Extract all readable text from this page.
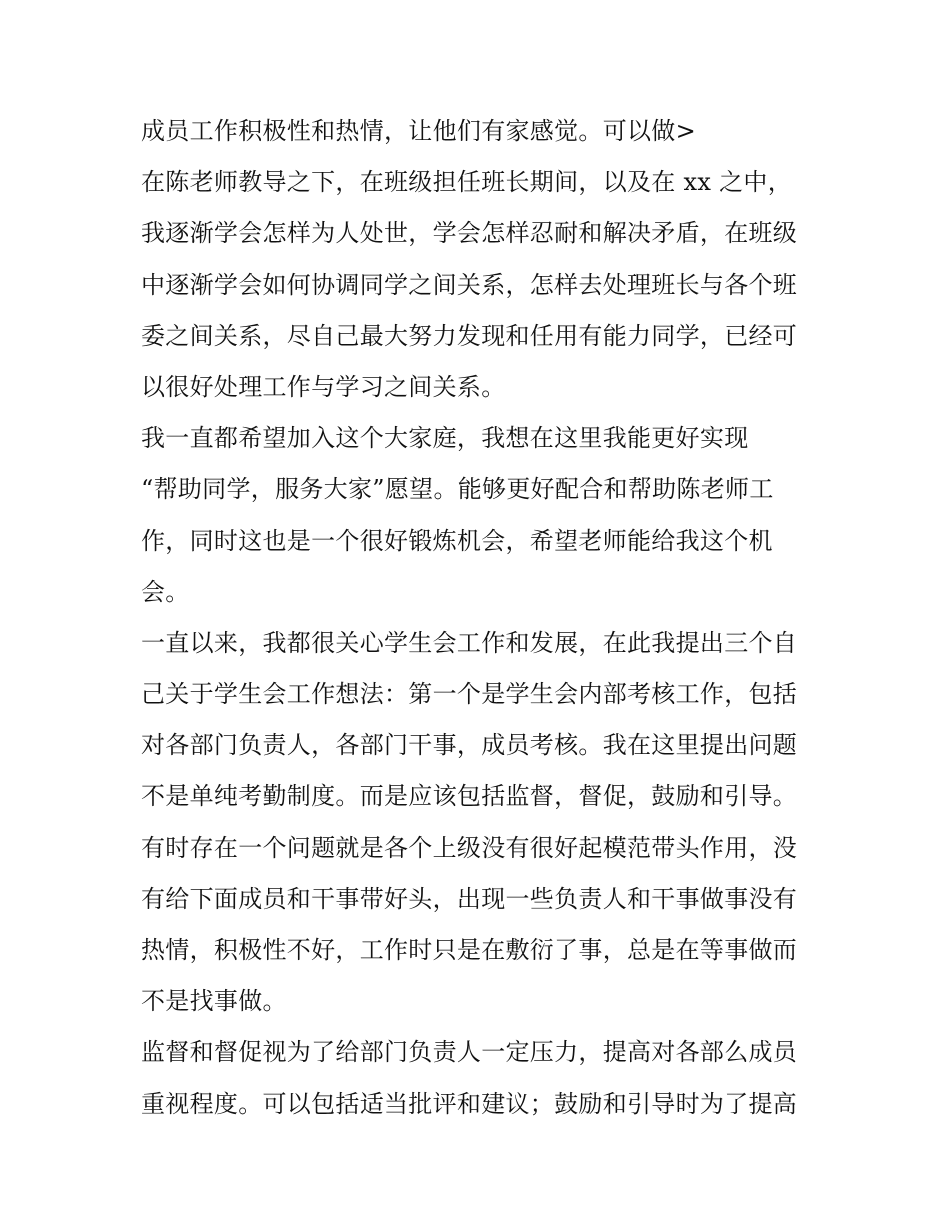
成员工作积极性和热情，让他们有家感觉。可以做>
在陈老师教导之下，在班级担任班长期间，以及在 xx 之中，
我逐渐学会怎样为人处世，学会怎样忍耐和解决矛盾，在班级
中逐渐学会如何协调同学之间关系，怎样去处理班长与各个班
委之间关系，尽自己最大努力发现和任用有能力同学，已经可
以很好处理工作与学习之间关系。
我一直都希望加入这个大家庭，我想在这里我能更好实现
“帮助同学，服务大家”愿望。能够更好配合和帮助陈老师工
作，同时这也是一个很好锻炼机会，希望老师能给我这个机
会。
一直以来，我都很关心学生会工作和发展，在此我提出三个自
己关于学生会工作想法：第一个是学生会内部考核工作，包括
对各部门负责人，各部门干事，成员考核。我在这里提出问题
不是单纯考勤制度。而是应该包括监督，督促，鼓励和引导。
有时存在一个问题就是各个上级没有很好起模范带头作用，没
有给下面成员和干事带好头，出现一些负责人和干事做事没有
热情，积极性不好，工作时只是在敷衍了事，总是在等事做而
不是找事做。
监督和督促视为了给部门负责人一定压力，提高对各部么成员
重视程度。可以包括适当批评和建议；鼓励和引导时为了提高
